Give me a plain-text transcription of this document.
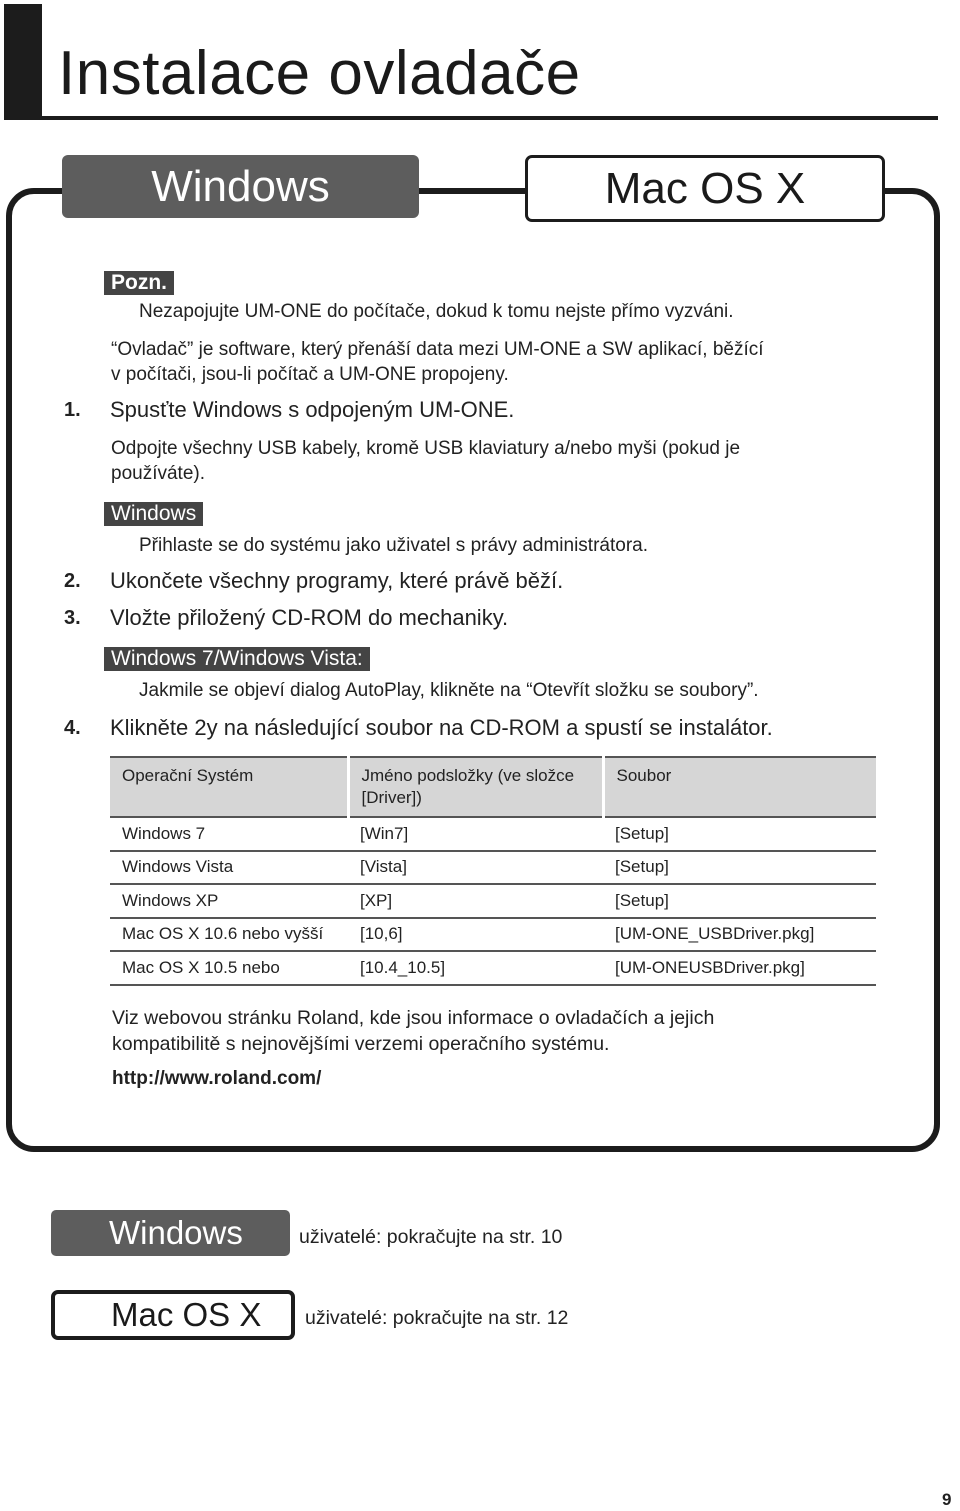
Instalace ovladače
Windows	Mac OS X
Pozn.
Nezapojujte UM-ONE do počítače, dokud k tomu nejste přímo vyzváni.
“Ovladač” je software, který přenáší data mezi UM-ONE a SW aplikací, běžící
v počítači, jsou-li počítač a UM-ONE propojeny.
1. Spusťte Windows s odpojeným UM-ONE.
Odpojte všechny USB kabely, kromě USB klaviatury a/nebo myši (pokud je
používáte).
Windows
Přihlaste se do systému jako uživatel s právy administrátora.
2. Ukončete všechny programy, které právě běží.
3. Vložte přiložený CD-ROM do mechaniky.
Windows 7/Windows Vista:
Jakmile se objeví dialog AutoPlay, klikněte na “Otevřít složku se soubory”.
4. Klikněte 2y na následující soubor na CD-ROM a spustí se instalátor.
Operační Systém	Jméno podsložky (ve složce [Driver])	Soubor
Windows 7	[Win7]	[Setup]
Windows Vista	[Vista]	[Setup]
Windows XP	[XP]	[Setup]
Mac OS X 10.6 nebo vyšší	[10,6]	[UM-ONE_USBDriver.pkg]
Mac OS X 10.5 nebo	[10.4_10.5]	[UM-ONEUSBDriver.pkg]
Viz webovou stránku Roland, kde jsou informace o ovladačích a jejich
kompatibilitě s nejnovějšími verzemi operačního systému.
http://www.roland.com/
Windows	uživatelé: pokračujte na str. 10
Mac OS X	uživatelé: pokračujte na str. 12
9
